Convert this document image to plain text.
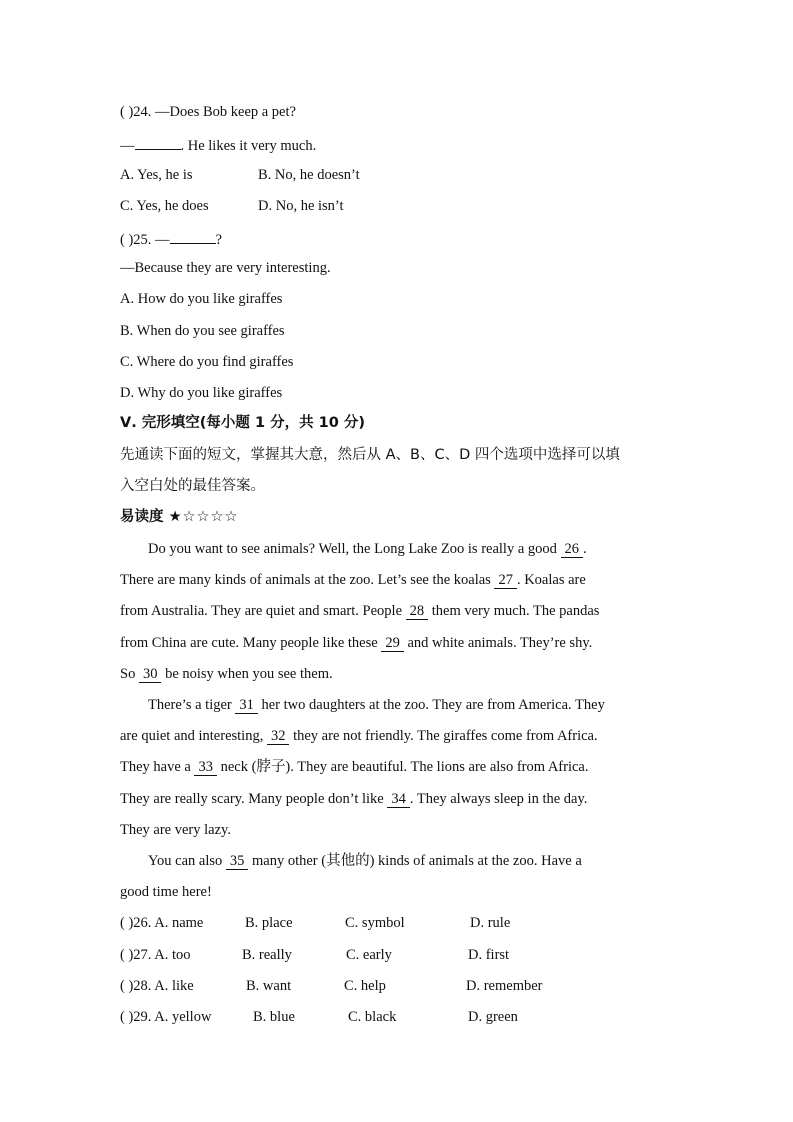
( )24. —Does Bob keep a pet?
—	. He likes it very much.
A. Yes, he is	B. No, he doesn’t
C. Yes, he does	D. No, he isn’t
( )25. —	?
—Because they are very interesting.
A. How do you like giraffes
B. When do you see giraffes
C. Where do you find giraffes
D. Why do you like giraffes
Ⅴ. 完形填空(每小题 1 分，共 10 分)
先通读下面的短文，掌握其大意，然后从 A、B、C、D 四个选项中选择可以填
入空白处的最佳答案。
易读度 ★☆☆☆☆
Do you want to see animals? Well, the Long Lake Zoo is really a good 26 .
There are many kinds of animals at the zoo. Let’s see the koalas 27 . Koalas are
from Australia. They are quiet and smart. People 28 them very much. The pandas
from China are cute. Many people like these 29 and white animals. They’re shy.
So 30 be noisy when you see them.
There’s a tiger 31 her two daughters at the zoo. They are from America. They
are quiet and interesting, 32 they are not friendly. The giraffes come from Africa.
They have a 33 neck (脖子). They are beautiful. The lions are also from Africa.
They are really scary. Many people don’t like 34 . They always sleep in the day.
They are very lazy.
You can also 35 many other (其他的) kinds of animals at the zoo. Have a
good time here!
( )26. A. name	B. place	C. symbol	D. rule
( )27. A. too	B. really	C. early	D. first
( )28. A. like	B. want	C. help	D. remember
( )29. A. yellow	B. blue	C. black	D. green
